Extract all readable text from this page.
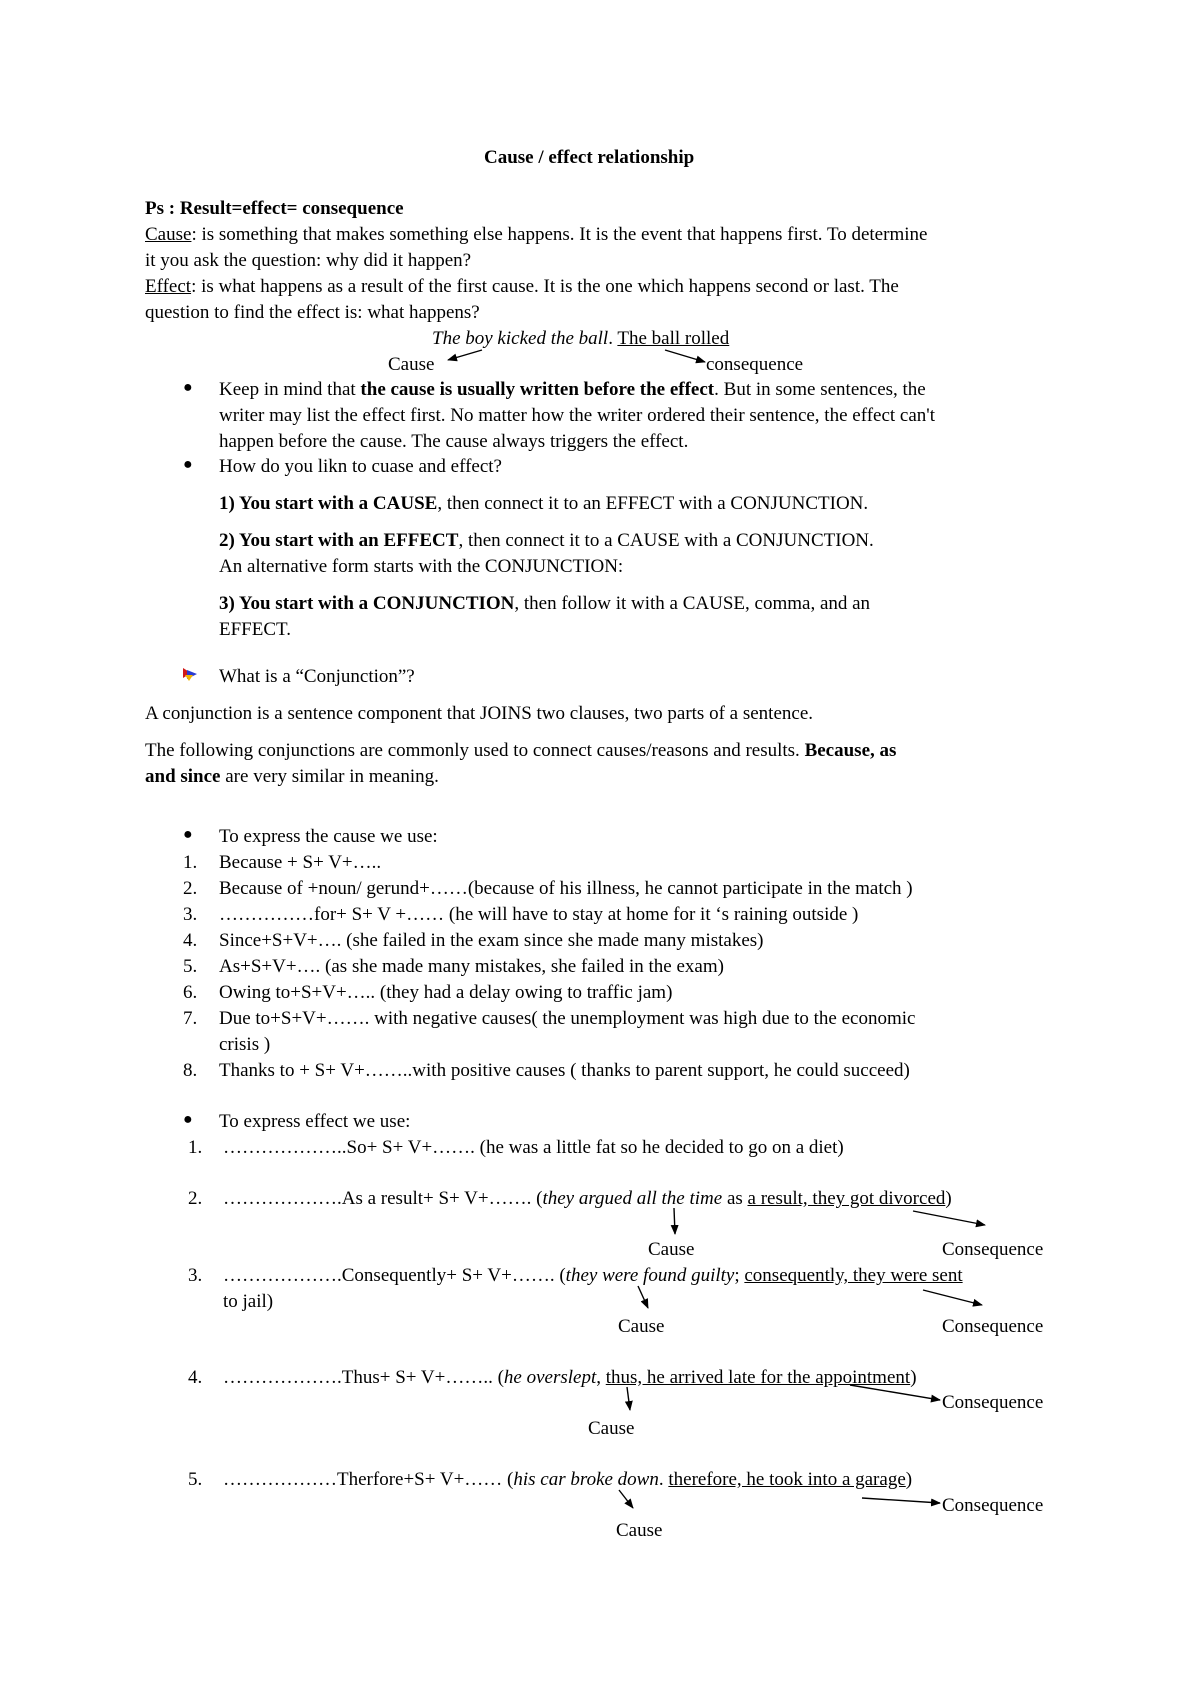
Cause / effect relationship
Ps : Result=effect= consequence
Cause: is something that makes something else happens. It is the event that happens first. To determine
it you ask the question: why did it happen?
Effect: is what happens as a result of the first cause. It is the one which happens second or last. The
question to find the effect is: what happens?
The boy kicked the ball. The ball rolled
Cause	consequence
● Keep in mind that the cause is usually written before the effect. But in some sentences, the
writer may list the effect first. No matter how the writer ordered their sentence, the effect can't
happen before the cause. The cause always triggers the effect.
● How do you likn to cuase and effect?
1) You start with a CAUSE, then connect it to an EFFECT with a CONJUNCTION.
2) You start with an EFFECT, then connect it to a CAUSE with a CONJUNCTION.
An alternative form starts with the CONJUNCTION:
3) You start with a CONJUNCTION, then follow it with a CAUSE, comma, and an
EFFECT.
What is a “Conjunction”?
A conjunction is a sentence component that JOINS two clauses, two parts of a sentence.
The following conjunctions are commonly used to connect causes/reasons and results. Because, as
and since are very similar in meaning.
● To express the cause we use:
1. Because + S+ V+…..
2. Because of +noun/ gerund+……(because of his illness, he cannot participate in the match )
3. ……………for+ S+ V +…… (he will have to stay at home for it ‘s raining outside )
4. Since+S+V+…. (she failed in the exam since she made many mistakes)
5. As+S+V+…. (as she made many mistakes, she failed in the exam)
6. Owing to+S+V+….. (they had a delay owing to traffic jam)
7. Due to+S+V+……. with negative causes( the unemployment was high due to the economic
crisis )
8. Thanks to + S+ V+……..with positive causes ( thanks to parent support, he could succeed)
● To express effect we use:
1. ………………..So+ S+ V+……. (he was a little fat so he decided to go on a diet)
2. ……………….As a result+ S+ V+……. (they argued all the time as a result, they got divorced)
Cause	Consequence
3. ……………….Consequently+ S+ V+……. (they were found guilty; consequently, they were sent
to jail)
Cause	Consequence
4. ……………….Thus+ S+ V+…….. (he overslept, thus, he arrived late for the appointment)
Consequence
Cause
5. ………………Therfore+S+ V+…… (his car broke down. therefore, he took into a garage)
Consequence
Cause
